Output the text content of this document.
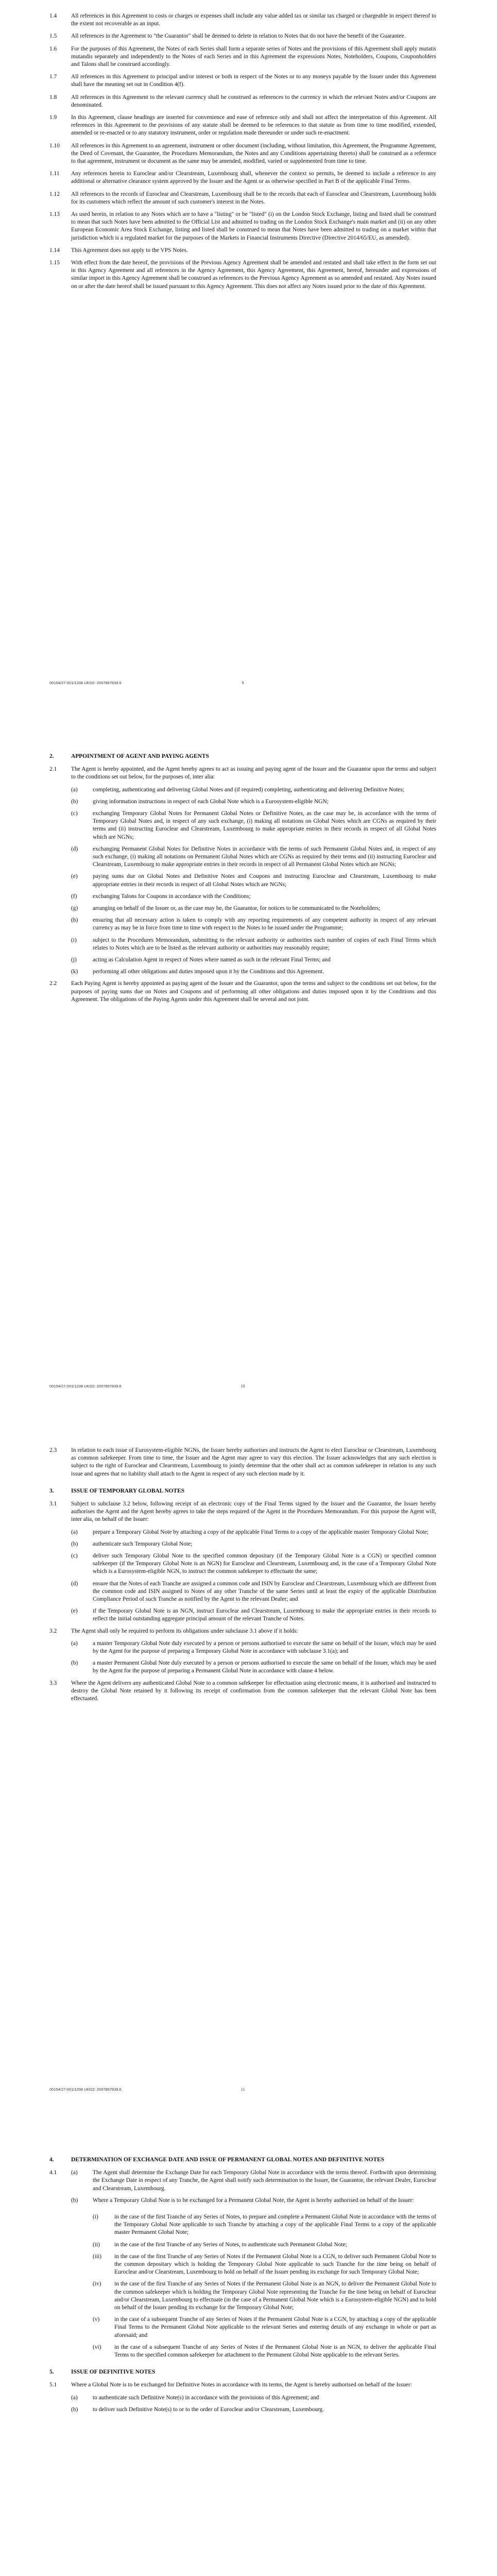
1.4	All references in this Agreement to costs or charges or expenses shall include any value added tax or similar tax charged or chargeable in respect thereof to the extent not recoverable as an input.
1.5	All references in the Agreement to "the Guarantor" shall be deemed to delete in relation to Notes that do not have the benefit of the Guarantee.
1.6	For the purposes of this Agreement, the Notes of each Series shall form a separate series of Notes and the provisions of this Agreement shall apply mutatis mutandis separately and independently to the Notes of each Series and in this Agreement the expressions Notes, Noteholders, Coupons, Couponholders and Talons shall be construed accordingly.
1.7	All references in this Agreement to principal and/or interest or both in respect of the Notes or to any moneys payable by the Issuer under this Agreement shall have the meaning set out in Condition 4(f).
1.8	All references in this Agreement to the relevant currency shall be construed as references to the currency in which the relevant Notes and/or Coupons are denominated.
1.9	In this Agreement, clause headings are inserted for convenience and ease of reference only and shall not affect the interpretation of this Agreement. All references in this Agreement to the provisions of any statute shall be deemed to be references to that statute as from time to time modified, extended, amended or re-enacted or to any statutory instrument, order or regulation made thereunder or under such re-enactment.
1.10	All references in this Agreement to an agreement, instrument or other document (including, without limitation, this Agreement, the Programme Agreement, the Deed of Covenant, the Guarantee, the Procedures Memorandum, the Notes and any Conditions appertaining thereto) shall be construed as a reference to that agreement, instrument or document as the same may be amended, modified, varied or supplemented from time to time.
1.11	Any references herein to Euroclear and/or Clearstream, Luxembourg shall, whenever the context so permits, be deemed to include a reference to any additional or alternative clearance system approved by the Issuer and the Agent or as otherwise specified in Part B of the applicable Final Terms.
1.12	All references to the records of Euroclear and Clearstream, Luxembourg shall be to the records that each of Euroclear and Clearstream, Luxembourg holds for its customers which reflect the amount of such customer's interest in the Notes.
1.13	As used herein, in relation to any Notes which are to have a "listing" or be "listed" (i) on the London Stock Exchange, listing and listed shall be construed to mean that such Notes have been admitted to the Official List and admitted to trading on the London Stock Exchange's main market and (ii) on any other European Economic Area Stock Exchange, listing and listed shall be construed to mean that Notes have been admitted to trading on a market within that jurisdiction which is a regulated market for the purposes of the Markets in Financial Instruments Directive (Directive 2014/65/EU, as amended).
1.14	This Agreement does not apply to the VPS Notes.
1.15	With effect from the date hereof, the provisions of the Previous Agency Agreement shall be amended and restated and shall take effect in the form set out in this Agency Agreement and all references in the Agency Agreement, this Agency Agreement, this Agreement, hereof, hereunder and expressions of similar import in this Agency Agreement shall be construed as references to the Previous Agency Agreement as so amended and restated. Any Notes issued on or after the date hereof shall be issued pursuant to this Agency Agreement. This does not affect any Notes issued prior to the date of this Agreement.
00154/27-001/1208 UKO2: 2007867839.6	9
2.	APPOINTMENT OF AGENT AND PAYING AGENTS
2.1	The Agent is hereby appointed, and the Agent hereby agrees to act as issuing and paying agent of the Issuer and the Guarantor upon the terms and subject to the conditions set out below, for the purposes of, inter alia:
(a)	completing, authenticating and delivering Global Notes and (if required) completing, authenticating and delivering Definitive Notes;
(b)	giving information instructions in respect of each Global Note which is a Eurosystem-eligible NGN;
(c)	exchanging Temporary Global Notes for Permanent Global Notes or Definitive Notes, as the case may be, in accordance with the terms of Temporary Global Notes and, in respect of any such exchange, (i) making all notations on Global Notes which are CGNs as required by their terms and (ii) instructing Euroclear and Clearstream, Luxembourg to make appropriate entries in their records in respect of all Global Notes which are NGNs;
(d)	exchanging Permanent Global Notes for Definitive Notes in accordance with the terms of such Permanent Global Notes and, in respect of any such exchange, (i) making all notations on Permanent Global Notes which are CGNs as required by their terms and (ii) instructing Euroclear and Clearstream, Luxembourg to make appropriate entries in their records in respect of all Permanent Global Notes which are NGNs;
(e)	paying sums due on Global Notes and Definitive Notes and Coupons and instructing Euroclear and Clearstream, Luxembourg to make appropriate entries in their records in respect of all Global Notes which are NGNs;
(f)	exchanging Talons for Coupons in accordance with the Conditions;
(g)	arranging on behalf of the Issuer or, as the case may be, the Guarantor, for notices to be communicated to the Noteholders;
(h)	ensuring that all necessary action is taken to comply with any reporting requirements of any competent authority in respect of any relevant currency as may be in force from time to time with respect to the Notes to be issued under the Programme;
(i)	subject to the Procedures Memorandum, submitting to the relevant authority or authorities such number of copies of each Final Terms which relates to Notes which are to be listed as the relevant authority or authorities may reasonably require;
(j)	acting as Calculation Agent in respect of Notes where named as such in the relevant Final Terms; and
(k)	performing all other obligations and duties imposed upon it by the Conditions and this Agreement.
2.2	Each Paying Agent is hereby appointed as paying agent of the Issuer and the Guarantor, upon the terms and subject to the conditions set out below, for the purposes of paying sums due on Notes and Coupons and of performing all other obligations and duties imposed upon it by the Conditions and this Agreement. The obligations of the Paying Agents under this Agreement shall be several and not joint.
00154/27-001/1208 UKO2: 2007867839.6	10
2.3	In relation to each issue of Eurosystem-eligible NGNs, the Issuer hereby authorises and instructs the Agent to elect Euroclear or Clearstream, Luxembourg as common safekeeper. From time to time, the Issuer and the Agent may agree to vary this election. The Issuer acknowledges that any such election is subject to the right of Euroclear and Clearstream, Luxembourg to jointly determine that the other shall act as common safekeeper in relation to any such issue and agrees that no liability shall attach to the Agent in respect of any such election made by it.
3.	ISSUE OF TEMPORARY GLOBAL NOTES
3.1	Subject to subclause 3.2 below, following receipt of an electronic copy of the Final Terms signed by the Issuer and the Guarantor, the Issuer hereby authorises the Agent and the Agent hereby agrees to take the steps required of the Agent in the Procedures Memorandum. For this purpose the Agent will, inter alia, on behalf of the Issuer:
(a)	prepare a Temporary Global Note by attaching a copy of the applicable Final Terms to a copy of the applicable master Temporary Global Note;
(b)	authenticate such Temporary Global Note;
(c)	deliver such Temporary Global Note to the specified common depositary (if the Temporary Global Note is a CGN) or specified common safekeeper (if the Temporary Global Note is an NGN) for Euroclear and Clearstream, Luxembourg and, in the case of a Temporary Global Note which is a Eurosystem-eligible NGN, to instruct the common safekeeper to effectuate the same;
(d)	ensure that the Notes of each Tranche are assigned a common code and ISIN by Euroclear and Clearstream, Luxembourg which are different from the common code and ISIN assigned to Notes of any other Tranche of the same Series until at least the expiry of the applicable Distribution Compliance Period of such Tranche as notified by the Agent to the relevant Dealer; and
(e)	if the Temporary Global Note is an NGN, instruct Euroclear and Clearstream, Luxembourg to make the appropriate entries in their records to reflect the initial outstanding aggregate principal amount of the relevant Tranche of Notes.
3.2	The Agent shall only be required to perform its obligations under subclause 3.1 above if it holds:
(a)	a master Temporary Global Note duly executed by a person or persons authorised to execute the same on behalf of the Issuer, which may be used by the Agent for the purpose of preparing a Temporary Global Note in accordance with subclause 3.1(a); and
(b)	a master Permanent Global Note duly executed by a person or persons authorised to execute the same on behalf of the Issuer, which may be used by the Agent for the purpose of preparing a Permanent Global Note in accordance with clause 4 below.
3.3	Where the Agent delivers any authenticated Global Note to a common safekeeper for effectuation using electronic means, it is authorised and instructed to destroy the Global Note retained by it following its receipt of confirmation from the common safekeeper that the relevant Global Note has been effectuated.
00154/27-001/1208 UKO2: 2007867839.6	11
4.	DETERMINATION OF EXCHANGE DATE AND ISSUE OF PERMANENT GLOBAL NOTES AND DEFINITIVE NOTES
4.1	(a)	The Agent shall determine the Exchange Date for each Temporary Global Note in accordance with the terms thereof. Forthwith upon determining the Exchange Date in respect of any Tranche, the Agent shall notify such determination to the Issuer, the Guarantor, the relevant Dealer, Euroclear and Clearstream, Luxembourg.
(b)	Where a Temporary Global Note is to be exchanged for a Permanent Global Note, the Agent is hereby authorised on behalf of the Issuer:
(i)	in the case of the first Tranche of any Series of Notes, to prepare and complete a Permanent Global Note in accordance with the terms of the Temporary Global Note applicable to such Tranche by attaching a copy of the applicable Final Terms to a copy of the applicable master Permanent Global Note;
(ii)	in the case of the first Tranche of any Series of Notes, to authenticate such Permanent Global Note;
(iii)	in the case of the first Tranche of any Series of Notes if the Permanent Global Note is a CGN, to deliver such Permanent Global Note to the common depositary which is holding the Temporary Global Note applicable to such Tranche for the time being on behalf of Euroclear and/or Clearstream, Luxembourg to hold on behalf of the Issuer pending its exchange for such Temporary Global Note;
(iv)	in the case of the first Tranche of any Series of Notes if the Permanent Global Note is an NGN, to deliver the Permanent Global Note to the common safekeeper which is holding the Temporary Global Note representing the Tranche for the time being on behalf of Euroclear and/or Clearstream, Luxembourg to effectuate (in the case of a Permanent Global Note which is a Eurosystem-eligible NGN) and to hold on behalf of the Issuer pending its exchange for the Temporary Global Note;
(v)	in the case of a subsequent Tranche of any Series of Notes if the Permanent Global Note is a CGN, by attaching a copy of the applicable Final Terms to the Permanent Global Note applicable to the relevant Series and entering details of any exchange in whole or part as aforesaid; and
(vi)	in the case of a subsequent Tranche of any Series of Notes if the Permanent Global Note is an NGN, to deliver the applicable Final Terms to the specified common safekeeper for attachment to the Permanent Global Note applicable to the relevant Series.
5.	ISSUE OF DEFINITIVE NOTES
5.1	Where a Global Note is to be exchanged for Definitive Notes in accordance with its terms, the Agent is hereby authorised on behalf of the Issuer:
(a)	to authenticate such Definitive Note(s) in accordance with the provisions of this Agreement; and
(b)	to deliver such Definitive Note(s) to or to the order of Euroclear and/or Clearstream, Luxembourg.
